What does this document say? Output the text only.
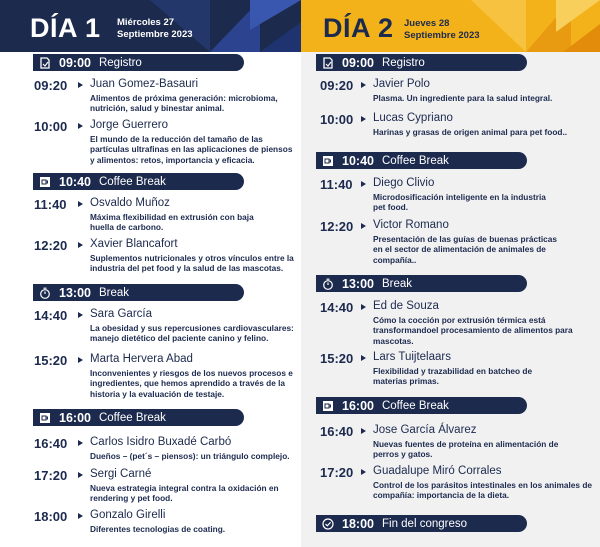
DÍA 1 Miércoles 27
Septiembre 2023
09:00 Registro
09:20 Juan Gomez-Basauri
Alimentos de próxima generación: microbioma, nutrición, salud y binestar animal.
10:00 Jorge Guerrero
El mundo de la reducción del tamaño de las partículas ultrafinas en las aplicaciones de piensos y alimentos: retos, importancia y eficacia.
10:40 Coffee Break
11:40 Osvaldo Muñoz
Máxima flexibilidad en extrusión con baja huella de carbono.
12:20 Xavier Blancafort
Suplementos nutricionales y otros vínculos entre la industria del pet food y la salud de las mascotas.
13:00 Break
14:40 Sara García
La obesidad y sus repercusiones cardiovasculares: manejo dietético del paciente canino y felino.
15:20 Marta Hervera Abad
Inconvenientes y riesgos de los nuevos procesos e ingredientes, que hemos aprendido a través de la historia y la evaluación de testaje.
16:00 Coffee Break
16:40 Carlos Isidro Buxadé Carbó
Dueños – (pet´s – piensos): un triángulo complejo.
17:20 Sergi Carné
Nueva estrategia integral contra la oxidación en rendering y pet food.
18:00 Gonzalo Girelli
Diferentes tecnologias de coating.
DÍA 2 Jueves 28
Septiembre 2023
09:00 Registro
09:20 Javier Polo
Plasma. Un ingrediente para la salud integral.
10:00 Lucas Cypriano
Harinas y grasas de origen animal para pet food..
10:40 Coffee Break
11:40 Diego Clivio
Microdosificación inteligente en la industria pet food.
12:20 Victor Romano
Presentación de las guías de buenas prácticas en el sector de alimentación de animales de compañía..
13:00 Break
14:40 Ed de Souza
Cómo la cocción por extrusión térmica está transformandoel procesamiento de alimentos para mascotas.
15:20 Lars Tuijtelaars
Flexibilidad y trazabilidad en batcheo de materias primas.
16:00 Coffee Break
16:40 Jose García Álvarez
Nuevas fuentes de proteína en alimentación de perros y gatos.
17:20 Guadalupe Miró Corrales
Control de los parásitos intestinales en los animales de compañía: importancia de la dieta.
18:00 Fin del congreso
